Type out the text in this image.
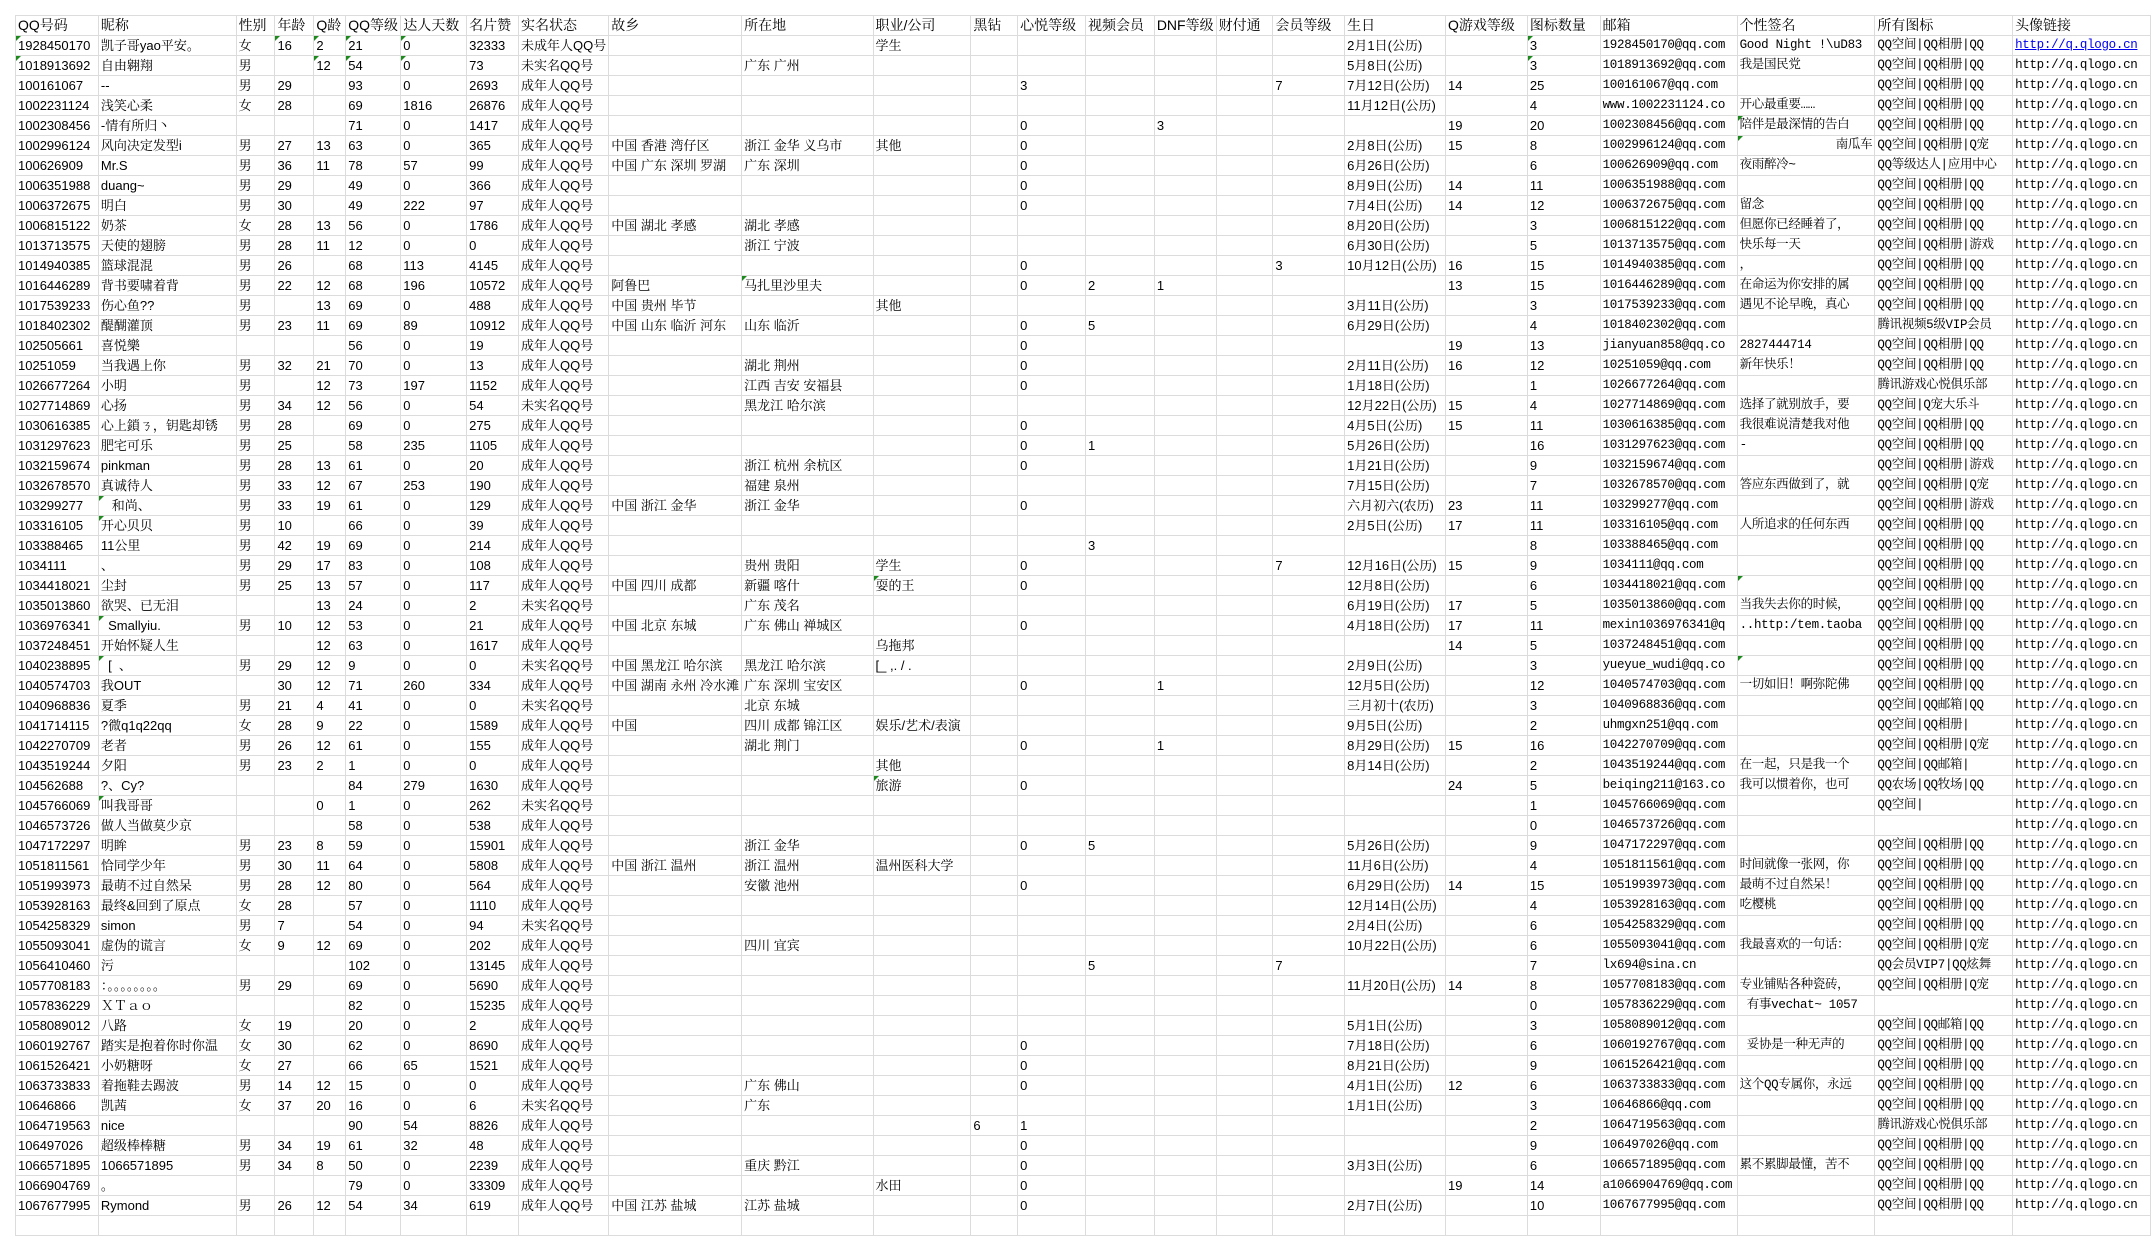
QQ号码	昵称	性别	年龄	Q龄	QQ等级	达人天数	名片赞	实名状态	故乡	所在地	职业/公司	黑钻	心悦等级	视频会员	DNF等级	财付通	会员等级	生日	Q游戏等级	图标数量	邮箱	个性签名	所有图标	头像链接
1928450170	凯子哥yao平安。	女	16	2	21	0	32333	未成年人QQ号			学生							2月1日(公历)		3	1928450170@qq.com	Good Night !\uD83	QQ空间|QQ相册|QQ	http://q.qlogo.cn
1018913692	自由翱翔	男		12	54	0	73	未实名QQ号		广东 广州								5月8日(公历)		3	1018913692@qq.com	我是国民党	QQ空间|QQ相册|QQ	http://q.qlogo.cn
100161067	--	男	29		93	0	2693	成年人QQ号					3				7	7月12日(公历)	14	25	100161067@qq.com		QQ空间|QQ相册|QQ	http://q.qlogo.cn
1002231124	浅笑心柔	女	28		69	1816	26876	成年人QQ号										11月12日(公历)		4	www.1002231124.co	开心最重要……	QQ空间|QQ相册|QQ	http://q.qlogo.cn
1002308456	-情有所归丶				71	0	1417	成年人QQ号					0		3				19	20	1002308456@qq.com	陪伴是最深情的告白	QQ空间|QQ相册|QQ	http://q.qlogo.cn
1002996124	风向决定发型i	男	27	13	63	0	365	成年人QQ号	中国 香港 湾仔区	浙江 金华 义乌市	其他		0					2月8日(公历)	15	8	1002996124@qq.com	南瓜车	QQ空间|QQ相册|Q宠	http://q.qlogo.cn
100626909	Mr.S	男	36	11	78	57	99	成年人QQ号	中国 广东 深圳 罗湖	广东 深圳			0					6月26日(公历)		6	100626909@qq.com	夜雨醉冷~	QQ等级达人|应用中心	http://q.qlogo.cn
1006351988	duang~	男	29		49	0	366	成年人QQ号					0					8月9日(公历)	14	11	1006351988@qq.com		QQ空间|QQ相册|QQ	http://q.qlogo.cn
1006372675	明白	男	30		49	222	97	成年人QQ号					0					7月4日(公历)	14	12	1006372675@qq.com	留念	QQ空间|QQ相册|QQ	http://q.qlogo.cn
1006815122	奶茶	女	28	13	56	0	1786	成年人QQ号	中国 湖北 孝感	湖北 孝感								8月20日(公历)		3	1006815122@qq.com	但愿你已经睡着了，	QQ空间|QQ相册|QQ	http://q.qlogo.cn
1013713575	天使的翅膀	男	28	11	12	0	0	成年人QQ号		浙江 宁波								6月30日(公历)		5	1013713575@qq.com	快乐每一天	QQ空间|QQ相册|游戏	http://q.qlogo.cn
1014940385	篮球混混	男	26		68	113	4145	成年人QQ号					0				3	10月12日(公历)	16	15	1014940385@qq.com	，	QQ空间|QQ相册|QQ	http://q.qlogo.cn
1016446289	背书要啸着背	男	22	12	68	196	10572	成年人QQ号	阿鲁巴	马扎里沙里夫			0	2	1				13	15	1016446289@qq.com	在命运为你安排的属	QQ空间|QQ相册|QQ	http://q.qlogo.cn
1017539233	伤心鱼??	男		13	69	0	488	成年人QQ号	中国 贵州 毕节		其他							3月11日(公历)		3	1017539233@qq.com	遇见不论早晚，真心	QQ空间|QQ相册|QQ	http://q.qlogo.cn
1018402302	醍醐灌顶	男	23	11	69	89	10912	成年人QQ号	中国 山东 临沂 河东	山东 临沂			0	5				6月29日(公历)		4	1018402302@qq.com		腾讯视频5级VIP会员	http://q.qlogo.cn
102505661	喜悦樂				56	0	19	成年人QQ号					0						19	13	jianyuan858@qq.co	2827444714	QQ空间|QQ相册|QQ	http://q.qlogo.cn
10251059	当我遇上你	男	32	21	70	0	13	成年人QQ号		湖北 荆州			0					2月11日(公历)	16	12	10251059@qq.com	新年快乐！	QQ空间|QQ相册|QQ	http://q.qlogo.cn
1026677264	小明	男		12	73	197	1152	成年人QQ号		江西 吉安 安福县			0					1月18日(公历)		1	1026677264@qq.com		腾讯游戏心悦俱乐部	http://q.qlogo.cn
1027714869	心扬	男	34	12	56	0	54	未实名QQ号		黑龙江 哈尔滨								12月22日(公历)	15	4	1027714869@qq.com	选择了就别放手，要	QQ空间|Q宠大乐斗	http://q.qlogo.cn
1030616385	心上鎖ㄋ，钥匙却锈	男	28		69	0	275	成年人QQ号					0					4月5日(公历)	15	11	1030616385@qq.com	我很难说清楚我对他	QQ空间|QQ相册|QQ	http://q.qlogo.cn
1031297623	肥宅可乐	男	25		58	235	1105	成年人QQ号					0	1				5月26日(公历)		16	1031297623@qq.com	-	QQ空间|QQ相册|QQ	http://q.qlogo.cn
1032159674	pinkman	男	28	13	61	0	20	成年人QQ号		浙江 杭州 余杭区			0					1月21日(公历)		9	1032159674@qq.com		QQ空间|QQ相册|游戏	http://q.qlogo.cn
1032678570	真诚待人	男	33	12	67	253	190	成年人QQ号		福建 泉州								7月15日(公历)		7	1032678570@qq.com	答应东西做到了，就	QQ空间|QQ相册|Q宠	http://q.qlogo.cn
103299277	和尚、	男	33	19	61	0	129	成年人QQ号	中国 浙江 金华	浙江 金华			0					六月初六(农历)	23	11	103299277@qq.com		QQ空间|QQ相册|游戏	http://q.qlogo.cn
103316105	开心贝贝	男	10		66	0	39	成年人QQ号										2月5日(公历)	17	11	103316105@qq.com	人所追求的任何东西	QQ空间|QQ相册|QQ	http://q.qlogo.cn
103388465	11公里	男	42	19	69	0	214	成年人QQ号						3						8	103388465@qq.com		QQ空间|QQ相册|QQ	http://q.qlogo.cn
1034111	、	男	29	17	83	0	108	成年人QQ号		贵州 贵阳	学生		0				7	12月16日(公历)	15	9	1034111@qq.com		QQ空间|QQ相册|QQ	http://q.qlogo.cn
1034418021	尘封	男	25	13	57	0	117	成年人QQ号	中国 四川 成都	新疆 喀什	耍的王		0					12月8日(公历)		6	1034418021@qq.com		QQ空间|QQ相册|QQ	http://q.qlogo.cn
1035013860	欲哭、已无泪			13	24	0	2	未实名QQ号		广东 茂名								6月19日(公历)	17	5	1035013860@qq.com	当我失去你的时候，	QQ空间|QQ相册|QQ	http://q.qlogo.cn
1036976341	Smallyiu.	男	10	12	53	0	21	成年人QQ号	中国 北京 东城	广东 佛山 禅城区			0					4月18日(公历)	17	11	mexin1036976341@q	..http:/tem.taoba	QQ空间|QQ相册|QQ	http://q.qlogo.cn
1037248451	开始怀疑人生			12	63	0	1617	成年人QQ号			乌拖邦								14	5	1037248451@qq.com		QQ空间|QQ相册|QQ	http://q.qlogo.cn
1040238895	[  、	男	29	12	9	0	0	未实名QQ号	中国 黑龙江 哈尔滨	黑龙江 哈尔滨	[_ ,. / .							2月9日(公历)		3	yueyue_wudi@qq.co		QQ空间|QQ相册|QQ	http://q.qlogo.cn
1040574703	我OUT		30	12	71	260	334	成年人QQ号	中国 湖南 永州 冷水滩	广东 深圳 宝安区			0		1			12月5日(公历)		12	1040574703@qq.com	一切如旧！啊弥陀佛	QQ空间|QQ相册|QQ	http://q.qlogo.cn
1040968836	夏季	男	21	4	41	0	0	未实名QQ号		北京 东城								三月初十(农历)		3	1040968836@qq.com		QQ空间|QQ邮箱|QQ	http://q.qlogo.cn
1041714115	?微q1q22qq	女	28	9	22	0	1589	成年人QQ号	中国	四川 成都 锦江区	娱乐/艺术/表演							9月5日(公历)		2	uhmgxn251@qq.com		QQ空间|QQ相册|	http://q.qlogo.cn
1042270709	老者	男	26	12	61	0	155	成年人QQ号		湖北 荆门			0		1			8月29日(公历)	15	16	1042270709@qq.com		QQ空间|QQ相册|Q宠	http://q.qlogo.cn
1043519244	夕阳	男	23	2	1	0	0	成年人QQ号			其他							8月14日(公历)		2	1043519244@qq.com	在一起，只是我一个	QQ空间|QQ邮箱|	http://q.qlogo.cn
104562688	?、Cy?				84	279	1630	成年人QQ号			旅游		0						24	5	beiqing211@163.co	我可以惯着你，也可	QQ农场|QQ牧场|QQ	http://q.qlogo.cn
1045766069	叫我哥哥			0	1	0	262	未实名QQ号												1	1045766069@qq.com		QQ空间|	http://q.qlogo.cn
1046573726	做人当做莫少京				58	0	538	成年人QQ号												0	1046573726@qq.com			http://q.qlogo.cn
1047172297	明眸	男	23	8	59	0	15901	成年人QQ号		浙江 金华			0	5				5月26日(公历)		9	1047172297@qq.com		QQ空间|QQ相册|QQ	http://q.qlogo.cn
1051811561	恰同学少年	男	30	11	64	0	5808	成年人QQ号	中国 浙江 温州	浙江 温州	温州医科大学							11月6日(公历)		4	1051811561@qq.com	时间就像一张网，你	QQ空间|QQ相册|QQ	http://q.qlogo.cn
1051993973	最萌不过自然呆	男	28	12	80	0	564	成年人QQ号		安徽 池州			0					6月29日(公历)	14	15	1051993973@qq.com	最萌不过自然呆！	QQ空间|QQ相册|QQ	http://q.qlogo.cn
1053928163	最终&回到了原点	女	28		57	0	1110	成年人QQ号										12月14日(公历)		4	1053928163@qq.com	吃樱桃	QQ空间|QQ相册|QQ	http://q.qlogo.cn
1054258329	simon	男	7		54	0	94	未实名QQ号										2月4日(公历)		6	1054258329@qq.com		QQ空间|QQ相册|QQ	http://q.qlogo.cn
1055093041	虚伪的谎言	女	9	12	69	0	202	成年人QQ号		四川 宜宾								10月22日(公历)		6	1055093041@qq.com	我最喜欢的一句话：	QQ空间|QQ相册|Q宠	http://q.qlogo.cn
1056410460	污				102	0	13145	成年人QQ号						5			7			7	lx694@sina.cn		QQ会员VIP7|QQ炫舞	http://q.qlogo.cn
1057708183	：。。。。。。。。	男	29		69	0	5690	成年人QQ号										11月20日(公历)	14	8	1057708183@qq.com	专业铺贴各种瓷砖，	QQ空间|QQ相册|Q宠	http://q.qlogo.cn
1057836229	ＸＴａｏ				82	0	15235	成年人QQ号												0	1057836229@qq.com	有事vechat~ 1057		http://q.qlogo.cn
1058089012	八路	女	19		20	0	2	成年人QQ号										5月1日(公历)		3	1058089012@qq.com		QQ空间|QQ邮箱|QQ	http://q.qlogo.cn
1060192767	踏实是抱着你时你温	女	30		62	0	8690	成年人QQ号					0					7月18日(公历)		6	1060192767@qq.com	妥协是一种无声的	QQ空间|QQ相册|QQ	http://q.qlogo.cn
1061526421	小奶糖呀	女	27		66	65	1521	成年人QQ号					0					8月21日(公历)		9	1061526421@qq.com		QQ空间|QQ相册|QQ	http://q.qlogo.cn
1063733833	着拖鞋去踢波	男	14	12	15	0	0	成年人QQ号		广东 佛山			0					4月1日(公历)	12	6	1063733833@qq.com	这个QQ专属你，永远	QQ空间|QQ相册|QQ	http://q.qlogo.cn
10646866	凯茜	女	37	20	16	0	6	未实名QQ号		广东								1月1日(公历)		3	10646866@qq.com		QQ空间|QQ相册|QQ	http://q.qlogo.cn
1064719563	nice				90	54	8826	成年人QQ号				6	1							2	1064719563@qq.com		腾讯游戏心悦俱乐部	http://q.qlogo.cn
106497026	超级棒棒糖	男	34	19	61	32	48	成年人QQ号					0							9	106497026@qq.com		QQ空间|QQ相册|QQ	http://q.qlogo.cn
1066571895	1066571895	男	34	8	50	0	2239	成年人QQ号		重庆 黔江			0					3月3日(公历)		6	1066571895@qq.com	累不累脚最懂，苦不	QQ空间|QQ相册|QQ	http://q.qlogo.cn
1066904769	。				79	0	33309	成年人QQ号			水田		0						19	14	a1066904769@qq.com		QQ空间|QQ相册|QQ	http://q.qlogo.cn
1067677995	Rymond	男	26	12	54	34	619	成年人QQ号	中国 江苏 盐城	江苏 盐城			0					2月7日(公历)		10	1067677995@qq.com		QQ空间|QQ相册|QQ	http://q.qlogo.cn
